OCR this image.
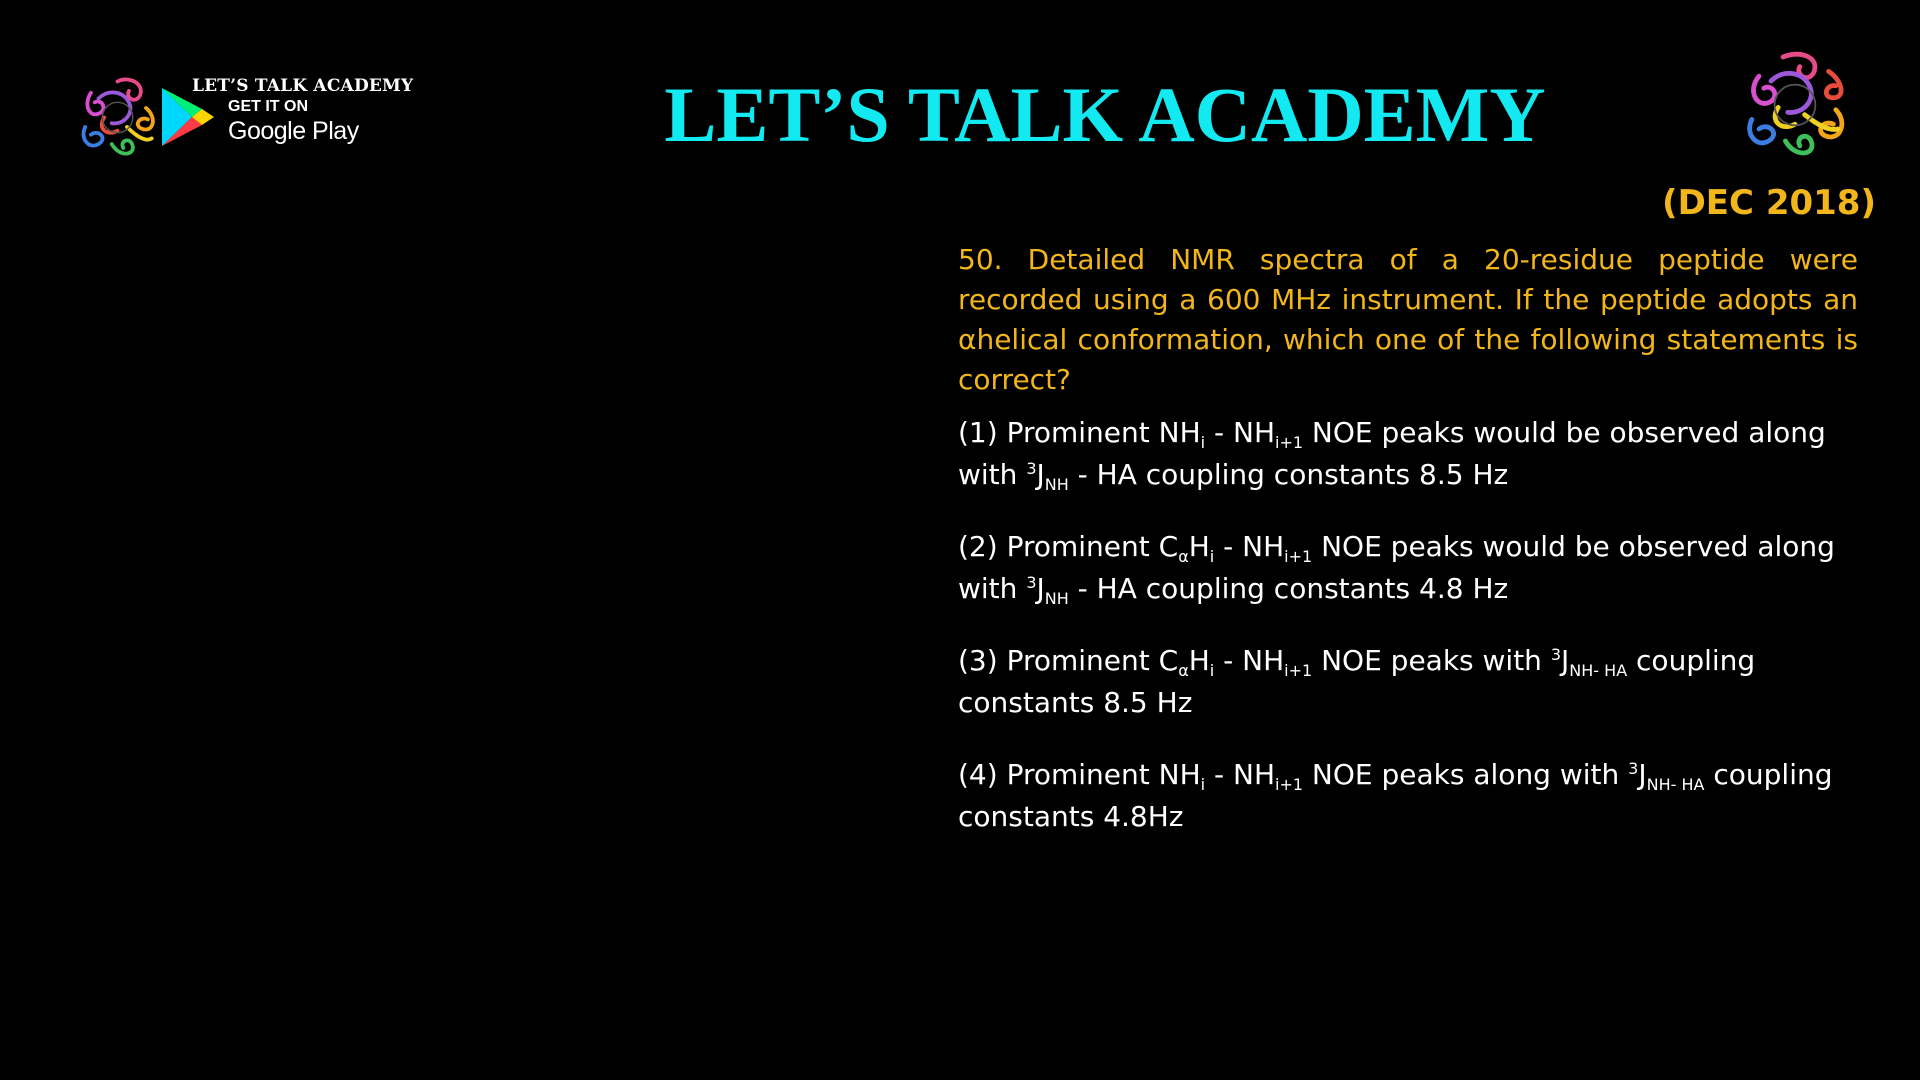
LET’S TALK ACADEMY
GET IT ON
Google Play	LET’S TALK ACADEMY
(DEC 2018)

50. Detailed NMR spectra of a 20-residue peptide were recorded using a 600 MHz instrument. If the peptide adopts an αhelical conformation, which one of the following statements is correct?

(1) Prominent $NH_i - NH_{i+1}$ NOE peaks would be observed along with $^3J_{NH}$ - HA coupling constants 8.5 Hz

(2) Prominent $C_\alpha H_i - NH_{i+1}$ NOE peaks would be observed along with $^3J_{NH}$ - HA coupling constants 4.8 Hz

(3) Prominent $C_\alpha H_i - NH_{i+1}$ NOE peaks with $^3J_{NH- HA}$ coupling constants 8.5 Hz

(4) Prominent $NH_i - NH_{i+1}$ NOE peaks along with $^3J_{NH- HA}$ coupling constants 4.8Hz
